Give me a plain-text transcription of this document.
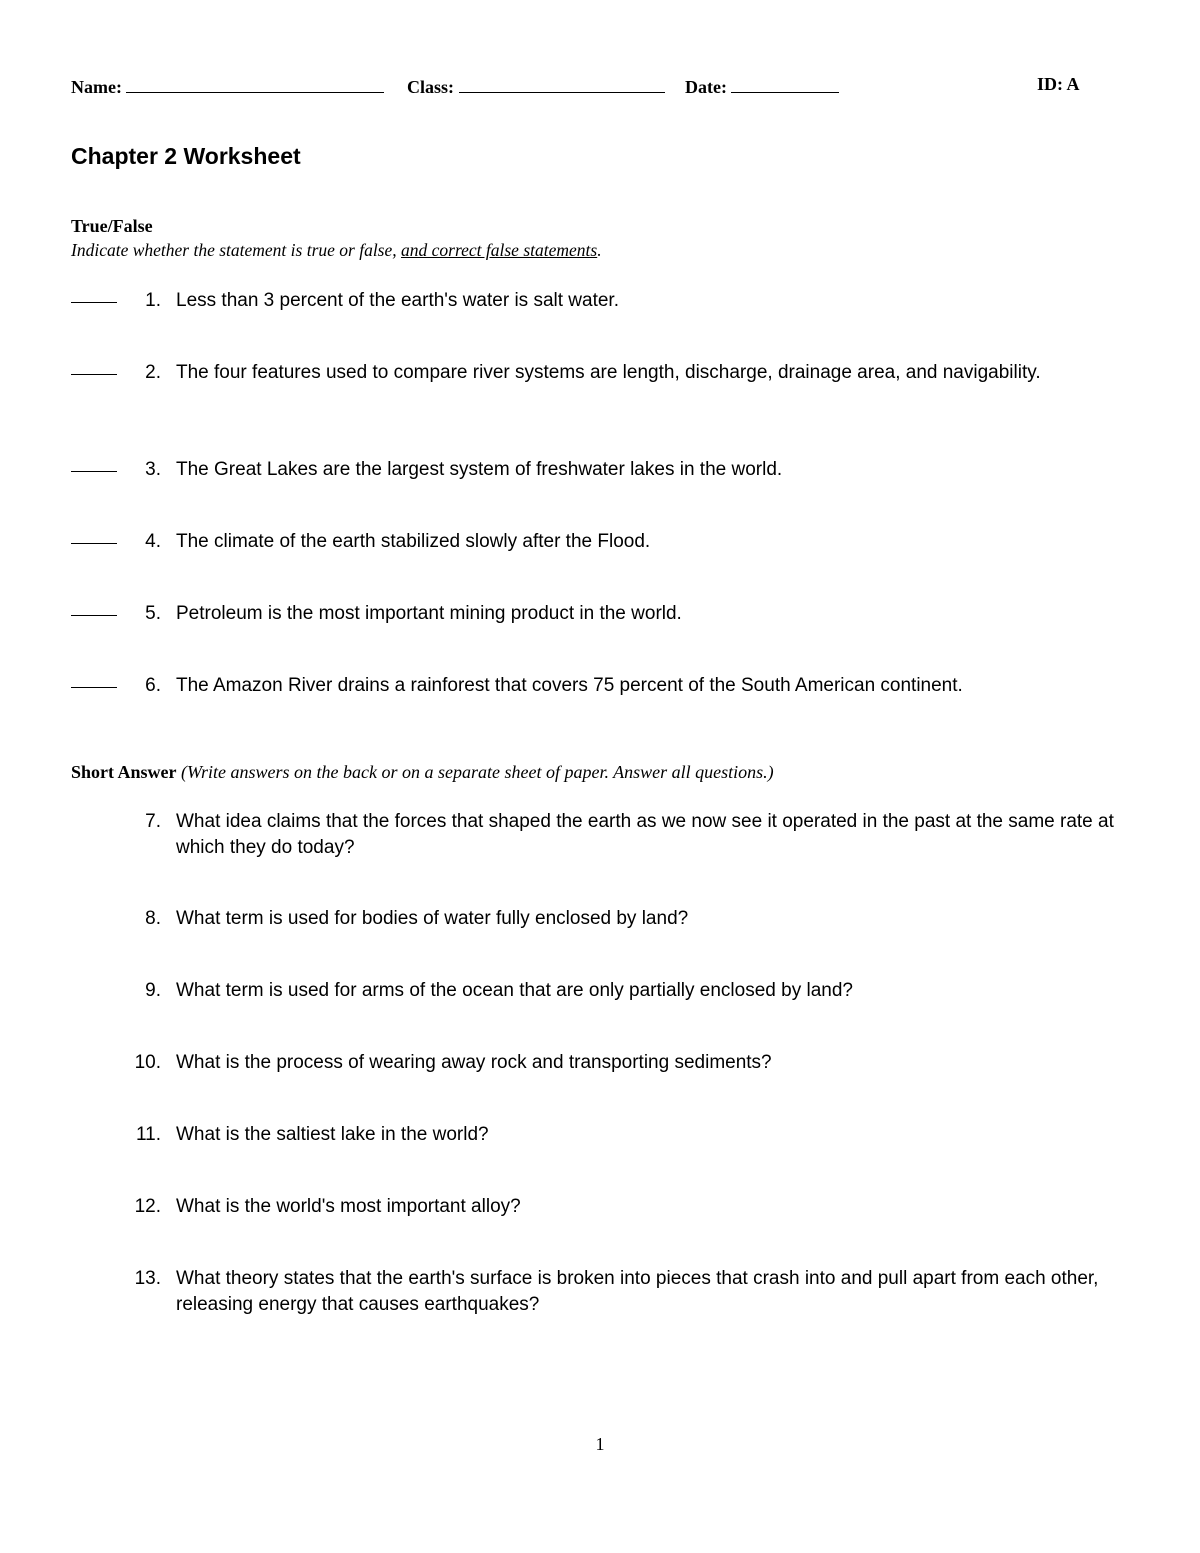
Name:	Class:	Date:	ID: A
Chapter 2 Worksheet
True/False
Indicate whether the statement is true or false, and correct false statements.
1. Less than 3 percent of the earth's water is salt water.
2. The four features used to compare river systems are length, discharge, drainage area, and navigability.
3. The Great Lakes are the largest system of freshwater lakes in the world.
4. The climate of the earth stabilized slowly after the Flood.
5. Petroleum is the most important mining product in the world.
6. The Amazon River drains a rainforest that covers 75 percent of the South American continent.
Short Answer (Write answers on the back or on a separate sheet of paper. Answer all questions.)
7. What idea claims that the forces that shaped the earth as we now see it operated in the past at the same rate at which they do today?
8. What term is used for bodies of water fully enclosed by land?
9. What term is used for arms of the ocean that are only partially enclosed by land?
10. What is the process of wearing away rock and transporting sediments?
11. What is the saltiest lake in the world?
12. What is the world's most important alloy?
13. What theory states that the earth's surface is broken into pieces that crash into and pull apart from each other, releasing energy that causes earthquakes?
1
